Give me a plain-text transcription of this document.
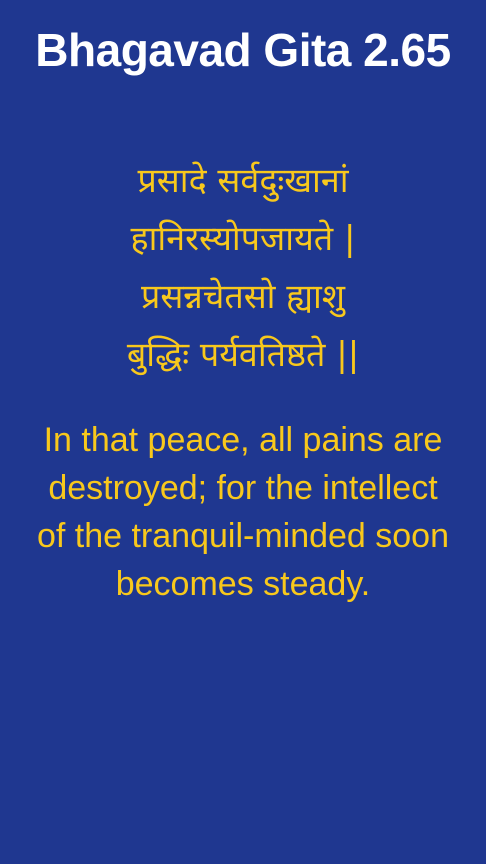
Bhagavad Gita 2.65
प्रसादे सर्वदुःखानां
हानिरस्योपजायते |
प्रसन्नचेतसो ह्याशु
बुद्धिः पर्यवतिष्ठते ||
In that peace, all pains are
destroyed; for the intellect
of the tranquil-minded soon
becomes steady.
